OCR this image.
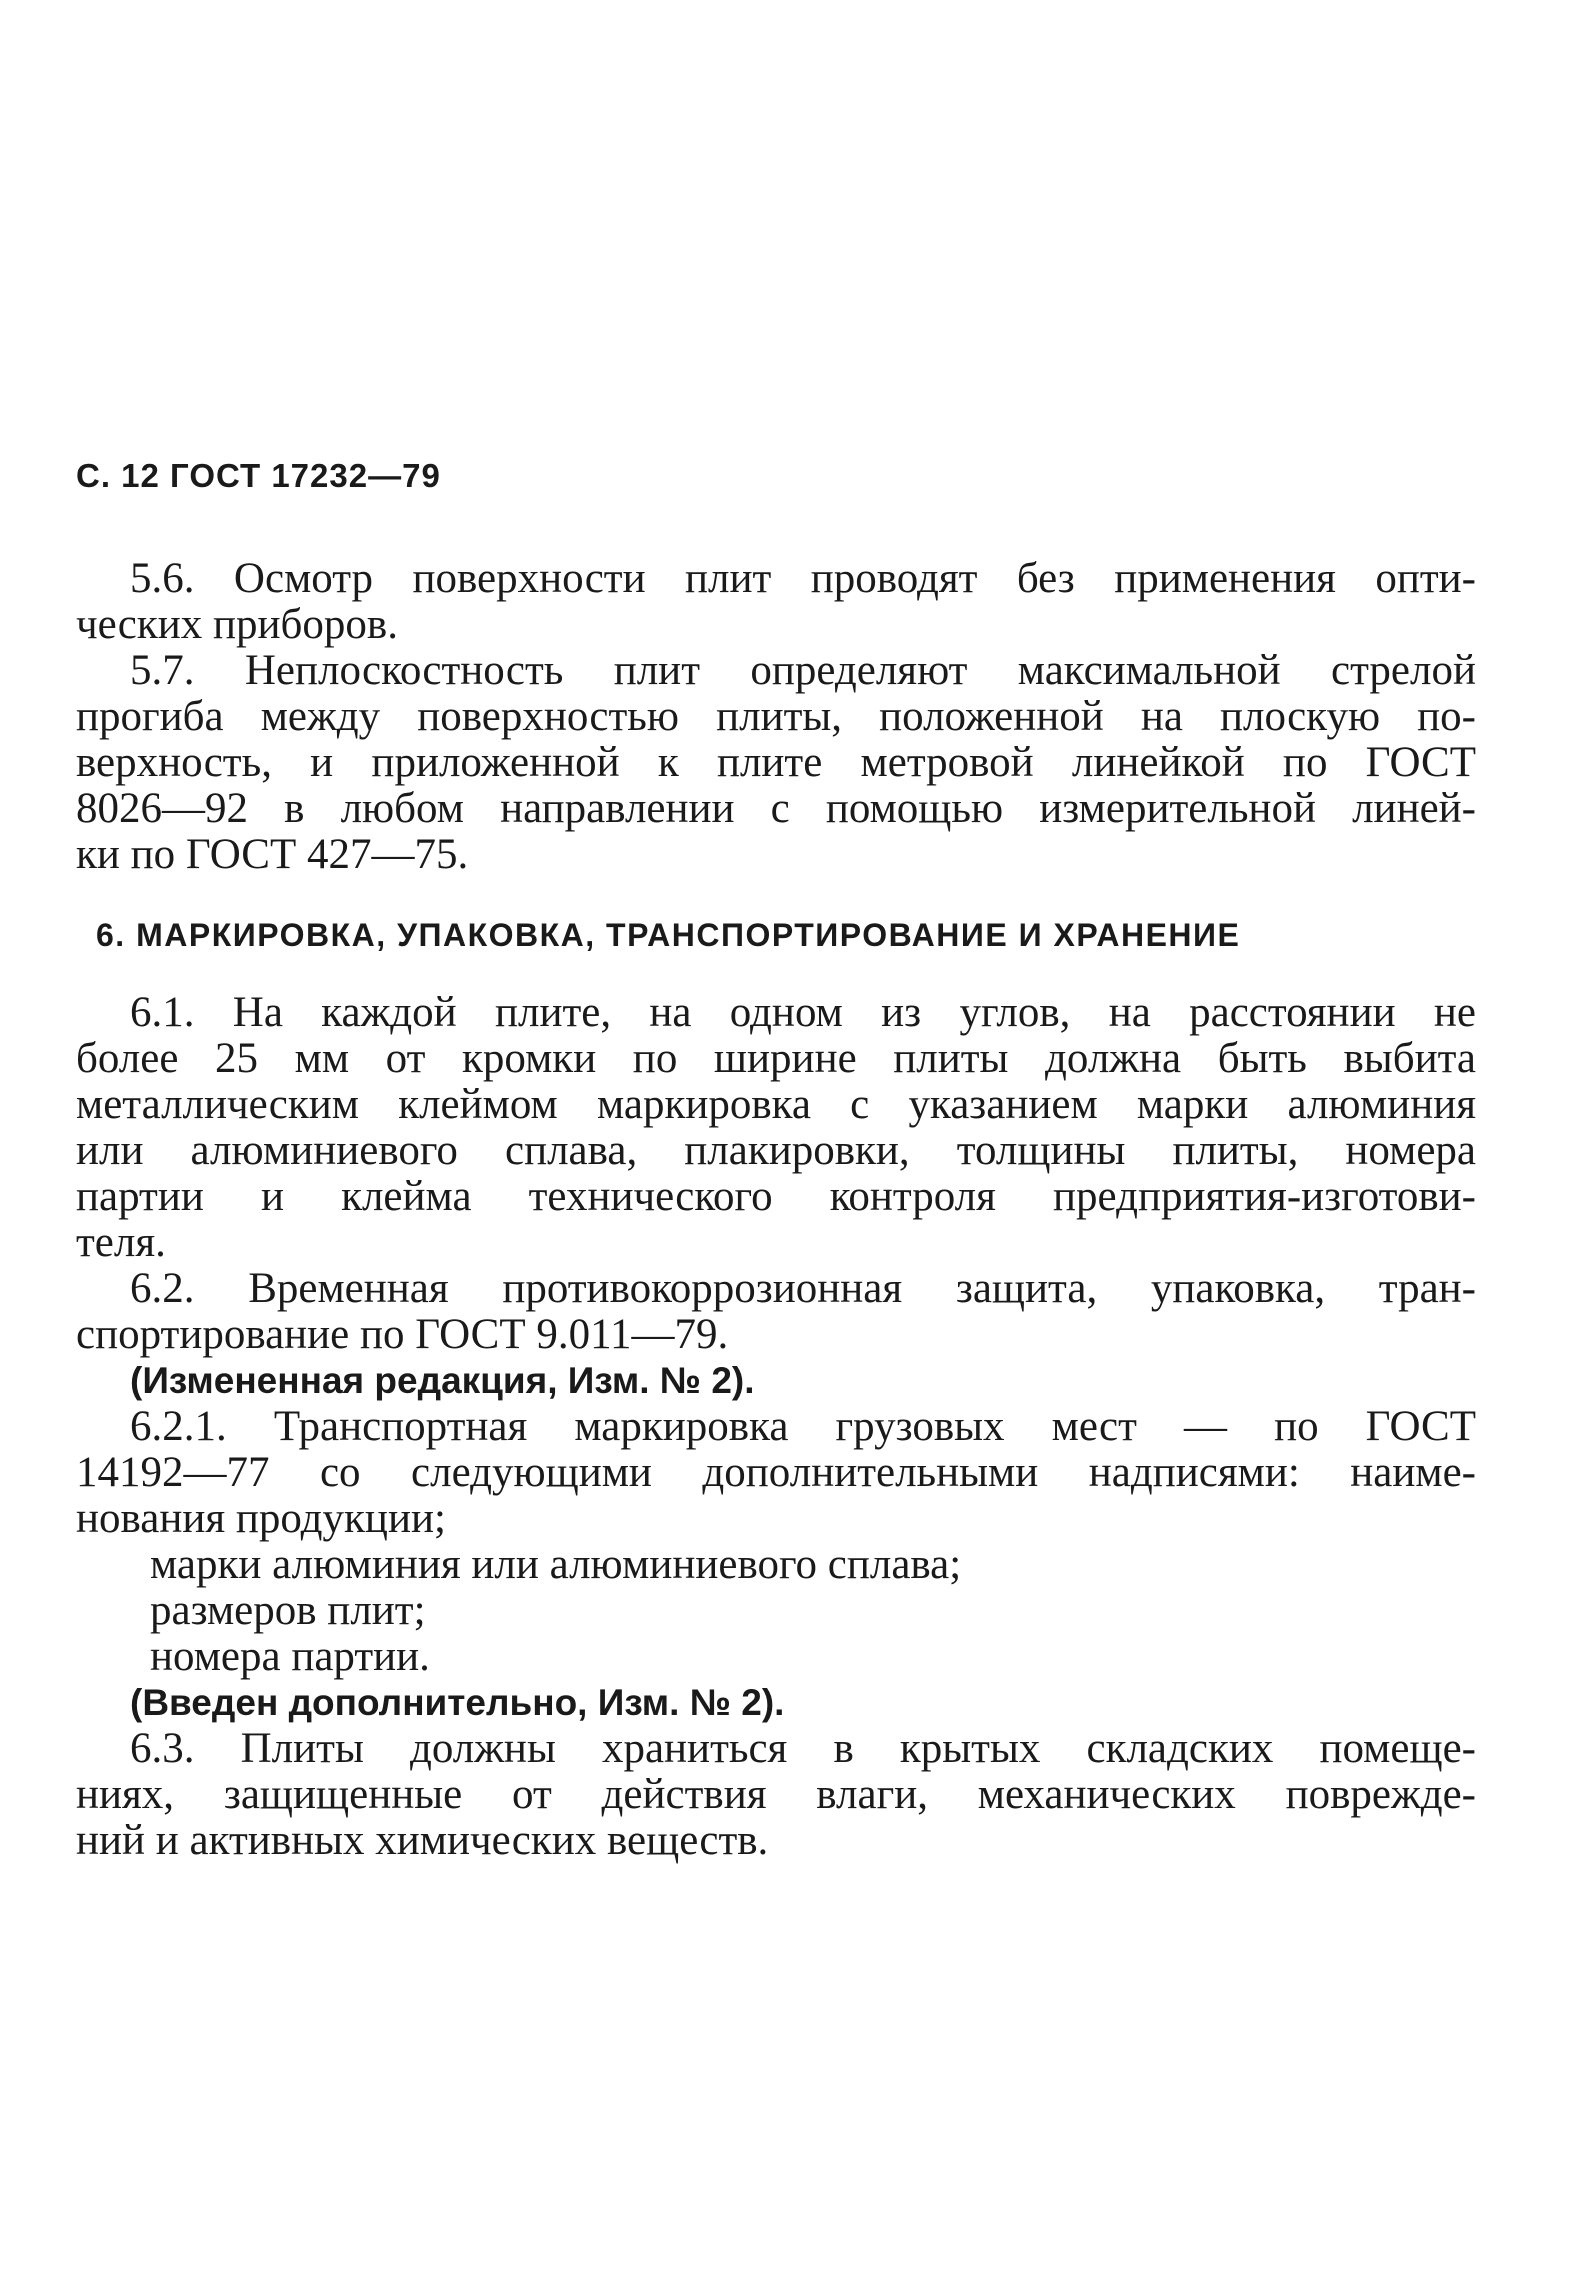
С. 12 ГОСТ 17232—79

5.6. Осмотр поверхности плит проводят без применения опти-

ческих приборов.

5.7. Неплоскостность плит определяют максимальной стрелой

прогиба между поверхностью плиты, положенной на плоскую по-

верхность, и приложенной к плите метровой линейкой по ГОСТ

8026—92 в любом направлении с помощью измерительной линей-

ки по ГОСТ 427—75.

6. МАРКИРОВКА, УПАКОВКА, ТРАНСПОРТИРОВАНИЕ И ХРАНЕНИЕ

6.1. На каждой плите, на одном из углов, на расстоянии не

более 25 мм от кромки по ширине плиты должна быть выбита

металлическим клеймом маркировка с указанием марки алюминия

или алюминиевого сплава, плакировки, толщины плиты, номера

партии и клейма технического контроля предприятия-изготови-

теля.

6.2. Временная противокоррозионная защита, упаковка, тран-

спортирование по ГОСТ 9.011—79.

(Измененная редакция, Изм. № 2).

6.2.1. Транспортная маркировка грузовых мест — по ГОСТ

14192—77 со следующими дополнительными надписями: наиме-

нования продукции;

марки алюминия или алюминиевого сплава;
размеров плит;
номера партии.
(Введен дополнительно, Изм. № 2).

6.3. Плиты должны храниться в крытых складских помеще-

ниях, защищенные от действия влаги, механических поврежде-

ний и активных химических веществ.
